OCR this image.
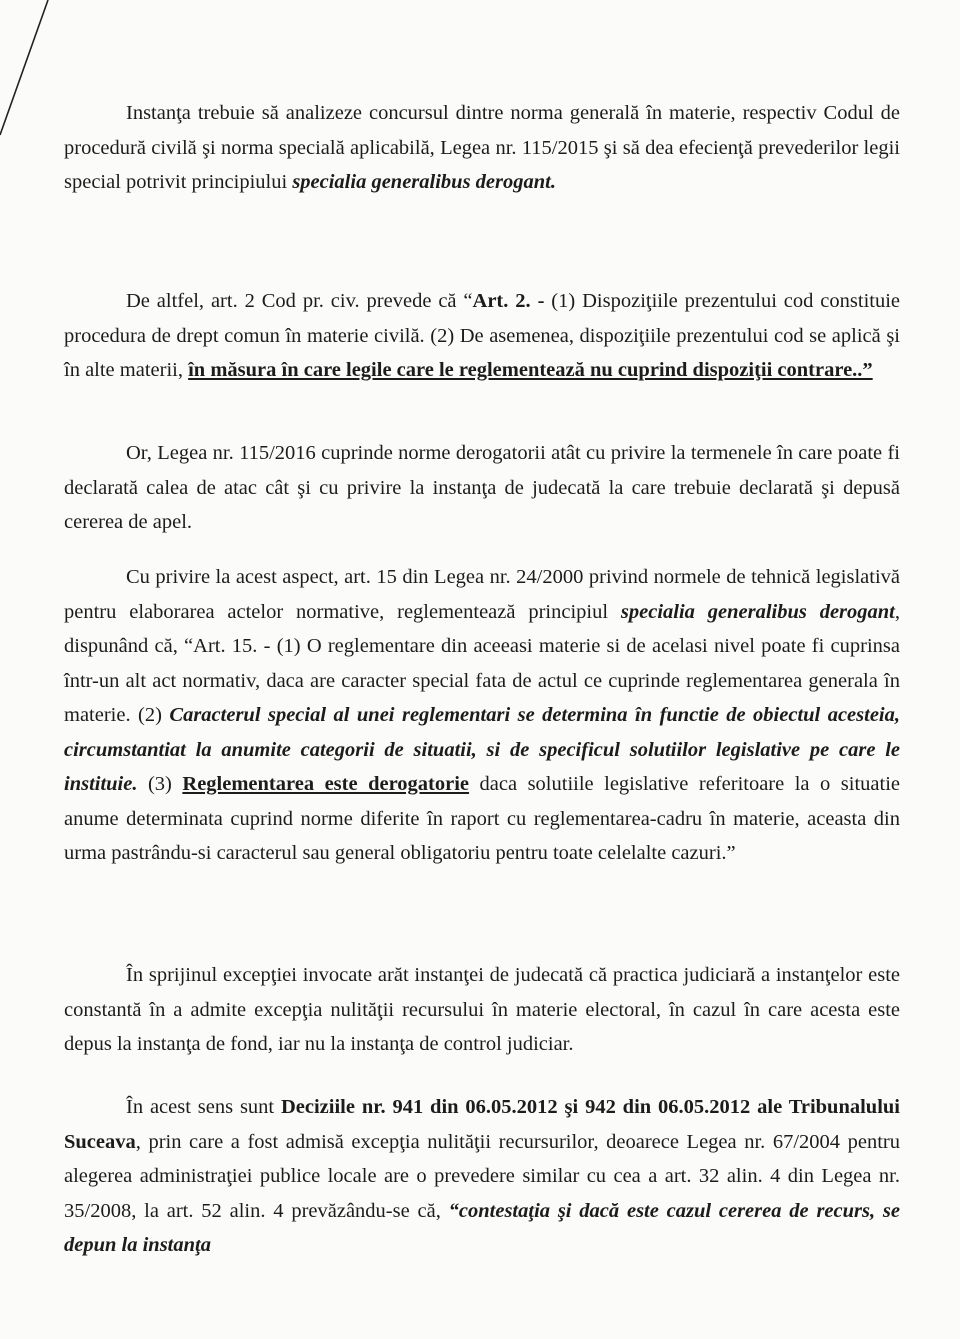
Instanţa trebuie să analizeze concursul dintre norma generală în materie, respectiv Codul de procedură civilă şi norma specială aplicabilă, Legea nr. 115/2015 şi să dea efecienţă prevederilor legii special potrivit principiului specialia generalibus derogant.

De altfel, art. 2 Cod pr. civ. prevede că “Art. 2. - (1) Dispoziţiile prezentului cod constituie procedura de drept comun în materie civilă. (2) De asemenea, dispoziţiile prezentului cod se aplică şi în alte materii, în măsura în care legile care le reglementează nu cuprind dispoziţii contrare..”

Or, Legea nr. 115/2016 cuprinde norme derogatorii atât cu privire la termenele în care poate fi declarată calea de atac cât şi cu privire la instanţa de judecată la care trebuie declarată şi depusă cererea de apel.

Cu privire la acest aspect, art. 15 din Legea nr. 24/2000 privind normele de tehnică legislativă pentru elaborarea actelor normative, reglementează principiul specialia generalibus derogant, dispunând că, “Art. 15. - (1) O reglementare din aceeasi materie si de acelasi nivel poate fi cuprinsa într-un alt act normativ, daca are caracter special fata de actul ce cuprinde reglementarea generala în materie. (2) Caracterul special al unei reglementari se determina în functie de obiectul acesteia, circumstantiat la anumite categorii de situatii, si de specificul solutiilor legislative pe care le instituie. (3) Reglementarea este derogatorie daca solutiile legislative referitoare la o situatie anume determinata cuprind norme diferite în raport cu reglementarea-cadru în materie, aceasta din urma pastrându-si caracterul sau general obligatoriu pentru toate celelalte cazuri.”

În sprijinul excepţiei invocate arăt instanţei de judecată că practica judiciară a instanţelor este constantă în a admite excepţia nulităţii recursului în materie electoral, în cazul în care acesta este depus la instanţa de fond, iar nu la instanţa de control judiciar.

În acest sens sunt Deciziile nr. 941 din 06.05.2012 şi 942 din 06.05.2012 ale Tribunalului Suceava, prin care a fost admisă excepţia nulităţii recursurilor, deoarece Legea nr. 67/2004 pentru alegerea administraţiei publice locale are o prevedere similar cu cea a art. 32 alin. 4 din Legea nr. 35/2008, la art. 52 alin. 4 prevăzându-se că, “contestaţia şi dacă este cazul cererea de recurs, se depun la instanţa
